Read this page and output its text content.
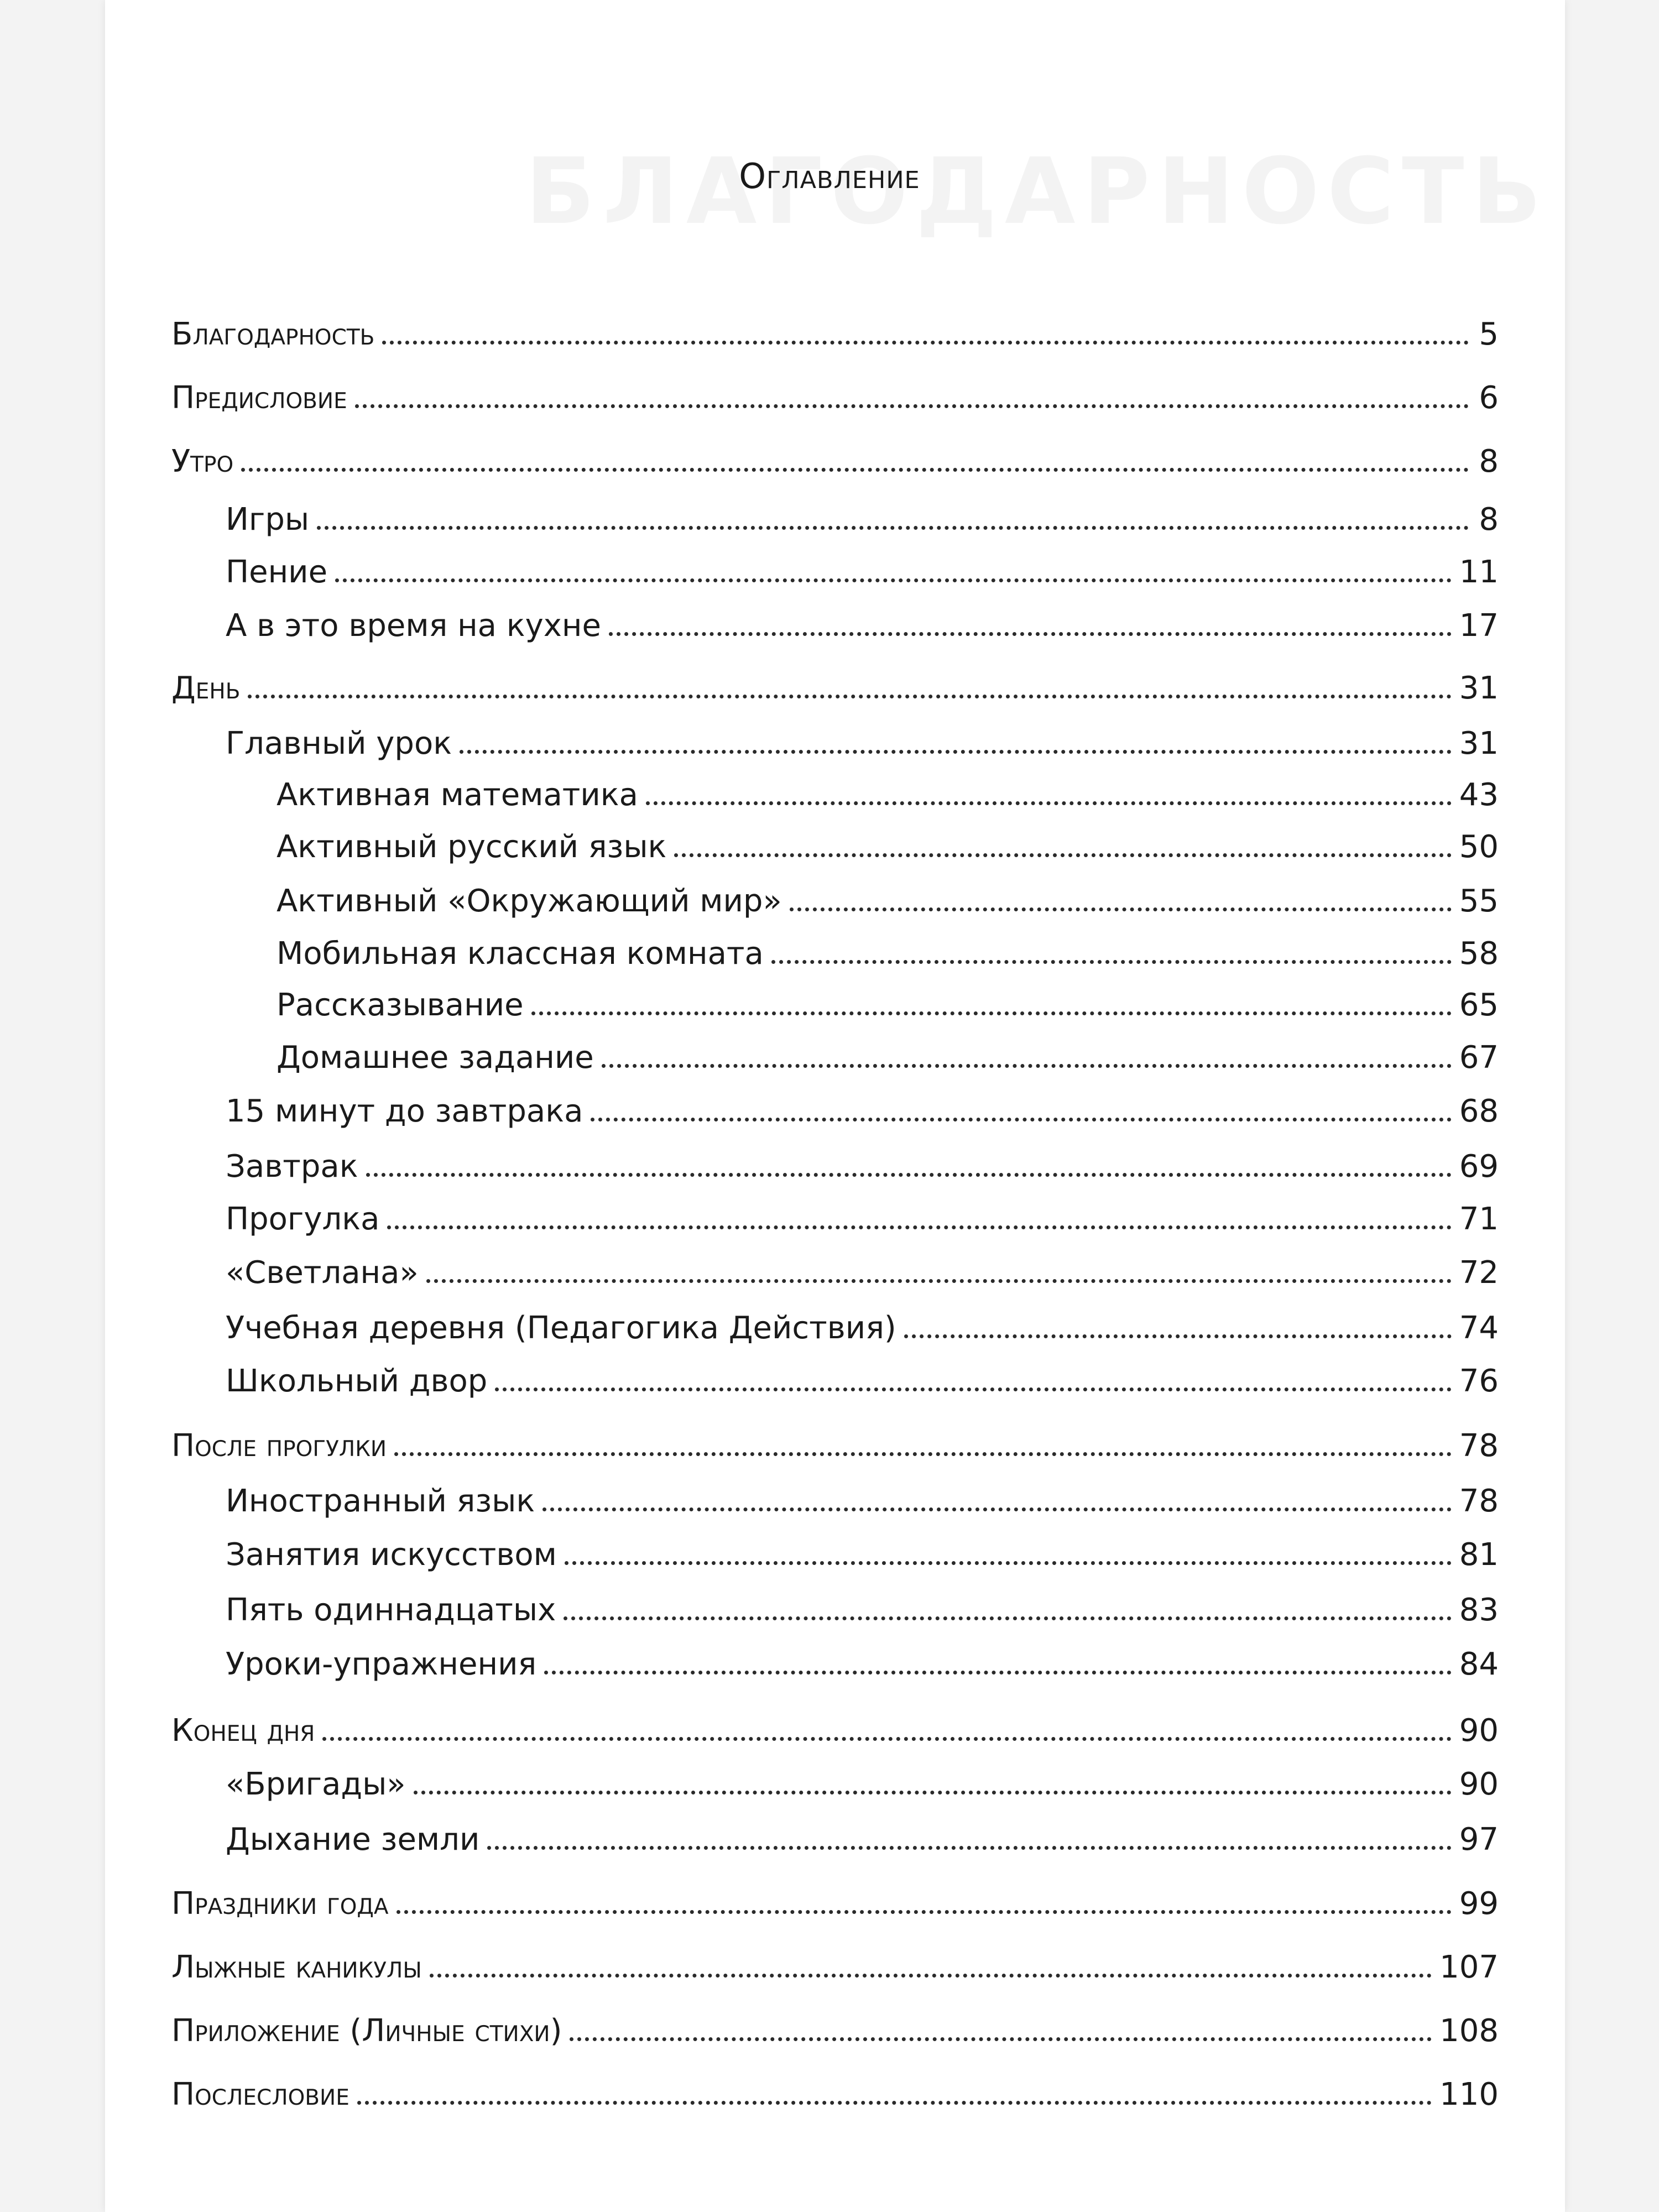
Оглавление
Благодарность	5
Предисловие	6
Утро	8
Игры	8
Пение	11
А в это время на кухне	17
День	31
Главный урок	31
Активная математика	43
Активный русский язык	50
Активный «Окружающий мир»	55
Мобильная классная комната	58
Рассказывание	65
Домашнее задание	67
15 минут до завтрака	68
Завтрак	69
Прогулка	71
«Светлана»	72
Учебная деревня (Педагогика Действия)	74
Школьный двор	76
После прогулки	78
Иностранный язык	78
Занятия искусством	81
Пять одиннадцатых	83
Уроки-упражнения	84
Конец дня	90
«Бригады»	90
Дыхание земли	97
Праздники года	99
Лыжные каникулы	107
Приложение (Личные стихи)	108
Послесловие	110
